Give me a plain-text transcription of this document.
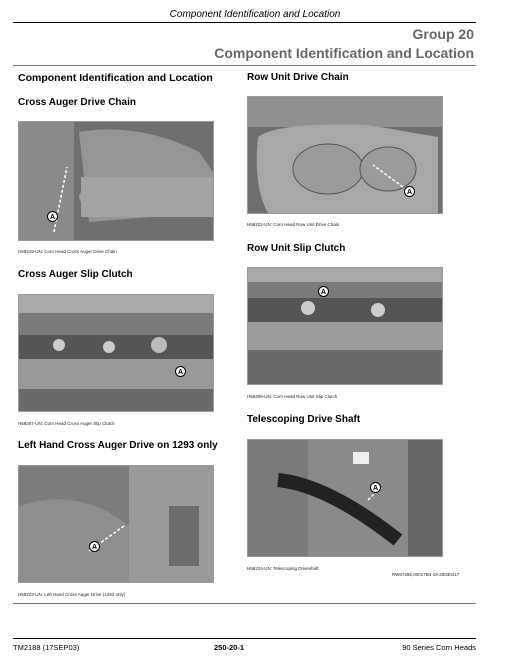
Component Identification and Location
Group 20
Component Identification and Location
Component Identification and Location
Cross Auger Drive Chain
A
H59219-UN: Corn Head Cross Auger Drive Chain
Cross Auger Slip Clutch
A
H59207-UN: Corn Head Cross Auger Slip Clutch
Left Hand Cross Auger Drive on 1293 only
A
H59223-UN: Left Hand Cross Auger Drive (1293 only)
Row Unit Drive Chain
A
H59222-UN: Corn Head Row Unit Drive Chain
Row Unit Slip Clutch
A
H59206-UN: Corn Head Row Unit Slip Clutch
Telescoping Drive Shaft
A
H59224-UN: Telescoping Driveshaft
RW67265,00017B4-19-20030417
TM2188 (17SEP03)	250-20-1	90 Series Corn Heads
